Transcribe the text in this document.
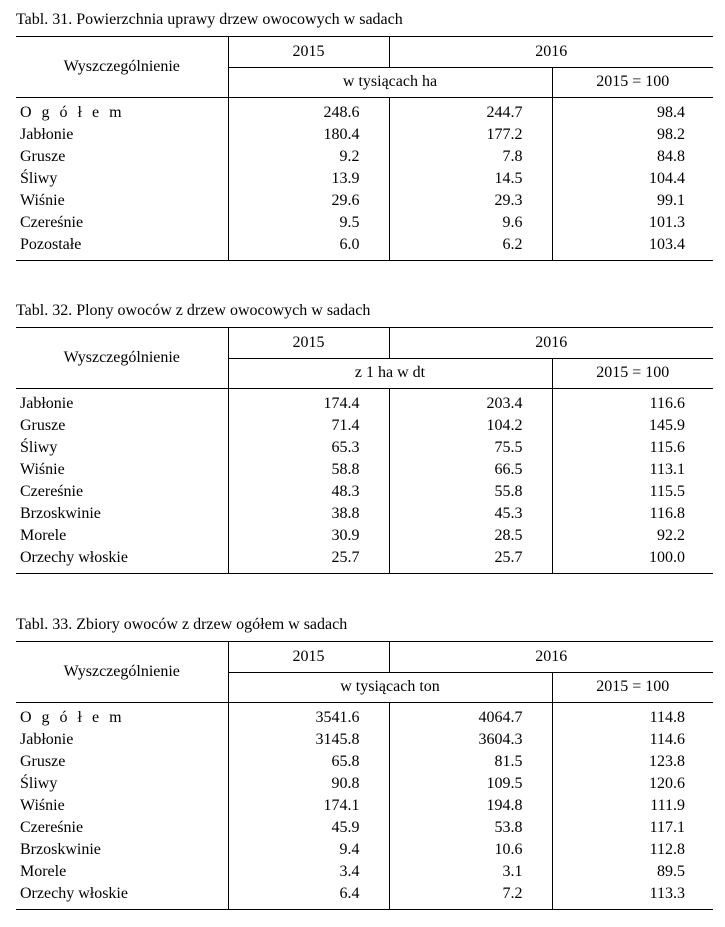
Tabl. 31. Powierzchnia uprawy drzew owocowych w sadach
Wyszczególnienie	2015	2016	
	w tysiącach ha		2015 = 100
O g ó ł e m	248.6	244.7	98.4
Jabłonie	180.4	177.2	98.2
Grusze	9.2	7.8	84.8
Śliwy	13.9	14.5	104.4
Wiśnie	29.6	29.3	99.1
Czereśnie	9.5	9.6	101.3
Pozostałe	6.0	6.2	103.4
Tabl. 32. Plony owoców z drzew owocowych w sadach
Wyszczególnienie	2015	2016	
	z 1 ha w dt		2015 = 100
Jabłonie	174.4	203.4	116.6
Grusze	71.4	104.2	145.9
Śliwy	65.3	75.5	115.6
Wiśnie	58.8	66.5	113.1
Czereśnie	48.3	55.8	115.5
Brzoskwinie	38.8	45.3	116.8
Morele	30.9	28.5	92.2
Orzechy włoskie	25.7	25.7	100.0
Tabl. 33. Zbiory owoców z drzew ogółem w sadach
Wyszczególnienie	2015	2016	
	w tysiącach ton		2015 = 100
O g ó ł e m	3541.6	4064.7	114.8
Jabłonie	3145.8	3604.3	114.6
Grusze	65.8	81.5	123.8
Śliwy	90.8	109.5	120.6
Wiśnie	174.1	194.8	111.9
Czereśnie	45.9	53.8	117.1
Brzoskwinie	9.4	10.6	112.8
Morele	3.4	3.1	89.5
Orzechy włoskie	6.4	7.2	113.3
